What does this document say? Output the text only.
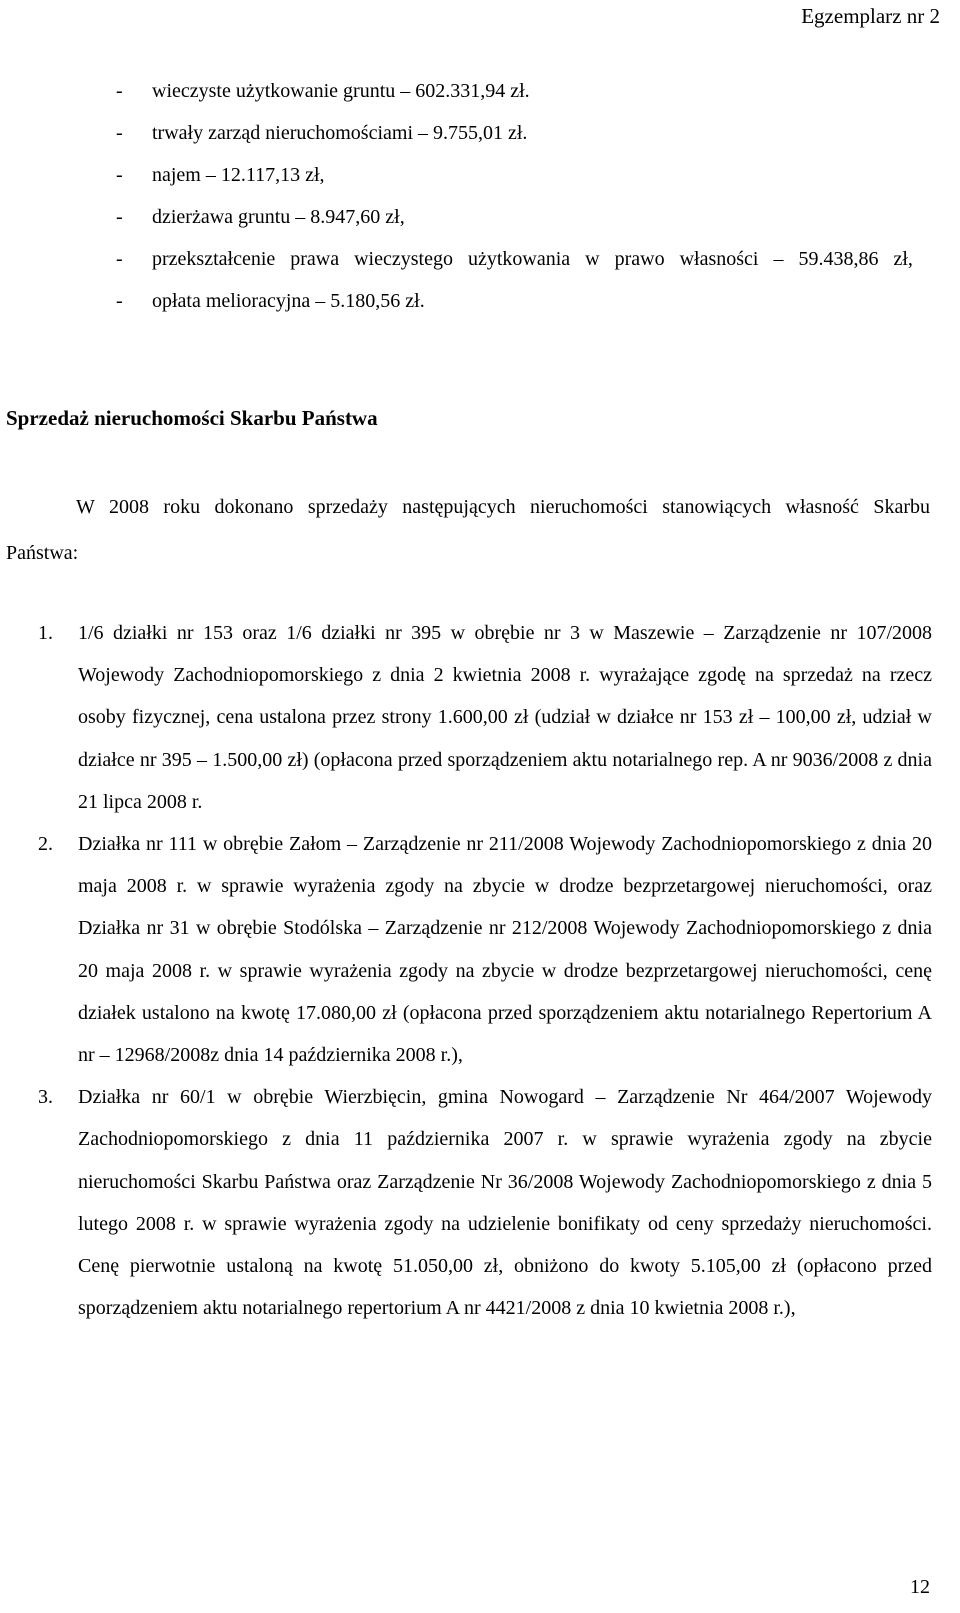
Egzemplarz nr 2
- wieczyste użytkowanie gruntu – 602.331,94 zł.
- trwały zarząd nieruchomościami – 9.755,01 zł.
- najem – 12.117,13 zł,
- dzierżawa gruntu – 8.947,60 zł,
- przekształcenie prawa wieczystego użytkowania w prawo własności – 59.438,86 zł,
- opłata melioracyjna – 5.180,56 zł.
Sprzedaż nieruchomości Skarbu Państwa
W 2008 roku dokonano sprzedaży następujących nieruchomości stanowiących własność Skarbu Państwa:
1. 1/6 działki nr 153 oraz 1/6 działki nr 395 w obrębie nr 3 w Maszewie – Zarządzenie nr 107/2008 Wojewody Zachodniopomorskiego z dnia 2 kwietnia 2008 r. wyrażające zgodę na sprzedaż na rzecz osoby fizycznej, cena ustalona przez strony 1.600,00 zł (udział w działce nr 153 zł – 100,00 zł, udział w działce nr 395 – 1.500,00 zł) (opłacona przed sporządzeniem aktu notarialnego rep. A nr 9036/2008 z dnia 21 lipca 2008 r.
2. Działka nr 111 w obrębie Załom – Zarządzenie nr 211/2008 Wojewody Zachodniopomorskiego z dnia 20 maja 2008 r. w sprawie wyrażenia zgody na zbycie w drodze bezprzetargowej nieruchomości, oraz Działka nr 31 w obrębie Stodólska – Zarządzenie nr 212/2008 Wojewody Zachodniopomorskiego z dnia 20 maja 2008 r. w sprawie wyrażenia zgody na zbycie w drodze bezprzetargowej nieruchomości, cenę działek ustalono na kwotę 17.080,00 zł (opłacona przed sporządzeniem aktu notarialnego Repertorium A nr – 12968/2008z dnia 14 października 2008 r.),
3. Działka nr 60/1 w obrębie Wierzbięcin, gmina Nowogard – Zarządzenie Nr 464/2007 Wojewody Zachodniopomorskiego z dnia 11 października 2007 r. w sprawie wyrażenia zgody na zbycie nieruchomości Skarbu Państwa oraz Zarządzenie Nr 36/2008 Wojewody Zachodniopomorskiego z dnia 5 lutego 2008 r. w sprawie wyrażenia zgody na udzielenie bonifikaty od ceny sprzedaży nieruchomości. Cenę pierwotnie ustaloną na kwotę 51.050,00 zł, obniżono do kwoty 5.105,00 zł (opłacono przed sporządzeniem aktu notarialnego repertorium A nr 4421/2008 z dnia 10 kwietnia 2008 r.),
12
